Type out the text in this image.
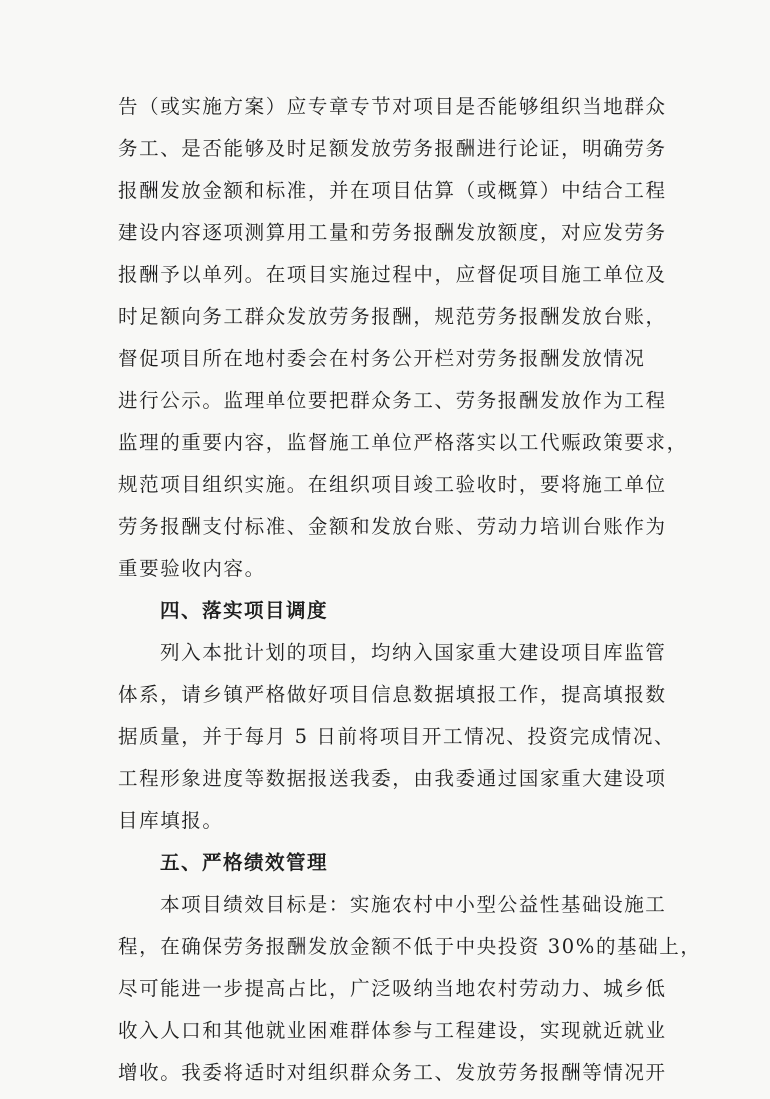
告（或实施方案）应专章专节对项目是否能够组织当地群众
务工、是否能够及时足额发放劳务报酬进行论证，明确劳务
报酬发放金额和标准，并在项目估算（或概算）中结合工程
建设内容逐项测算用工量和劳务报酬发放额度，对应发劳务
报酬予以单列。在项目实施过程中，应督促项目施工单位及
时足额向务工群众发放劳务报酬，规范劳务报酬发放台账，
督促项目所在地村委会在村务公开栏对劳务报酬发放情况
进行公示。监理单位要把群众务工、劳务报酬发放作为工程
监理的重要内容，监督施工单位严格落实以工代赈政策要求，
规范项目组织实施。在组织项目竣工验收时，要将施工单位
劳务报酬支付标准、金额和发放台账、劳动力培训台账作为
重要验收内容。
四、落实项目调度
列入本批计划的项目，均纳入国家重大建设项目库监管
体系，请乡镇严格做好项目信息数据填报工作，提高填报数
据质量，并于每月 5 日前将项目开工情况、投资完成情况、
工程形象进度等数据报送我委，由我委通过国家重大建设项
目库填报。
五、严格绩效管理
本项目绩效目标是：实施农村中小型公益性基础设施工
程，在确保劳务报酬发放金额不低于中央投资 30%的基础上，
尽可能进一步提高占比，广泛吸纳当地农村劳动力、城乡低
收入人口和其他就业困难群体参与工程建设，实现就近就业
增收。我委将适时对组织群众务工、发放劳务报酬等情况开
